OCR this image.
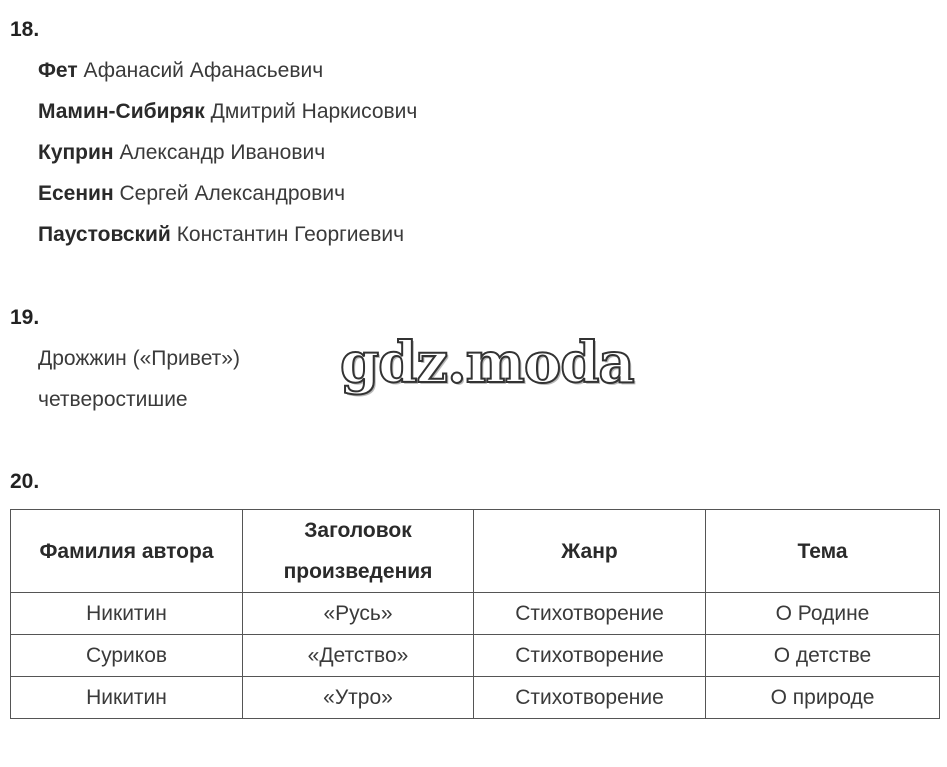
18.
Фет Афанасий Афанасьевич
Мамин-Сибиряк Дмитрий Наркисович
Куприн Александр Иванович
Есенин Сергей Александрович
Паустовский Константин Георгиевич
19.
Дрожжин («Привет»)
четверостишие
gdz.moda
20.
Фамилия автора	Заголовок произведения	Жанр	Тема
Никитин	«Русь»	Стихотворение	О Родине
Суриков	«Детство»	Стихотворение	О детстве
Никитин	«Утро»	Стихотворение	О природе
